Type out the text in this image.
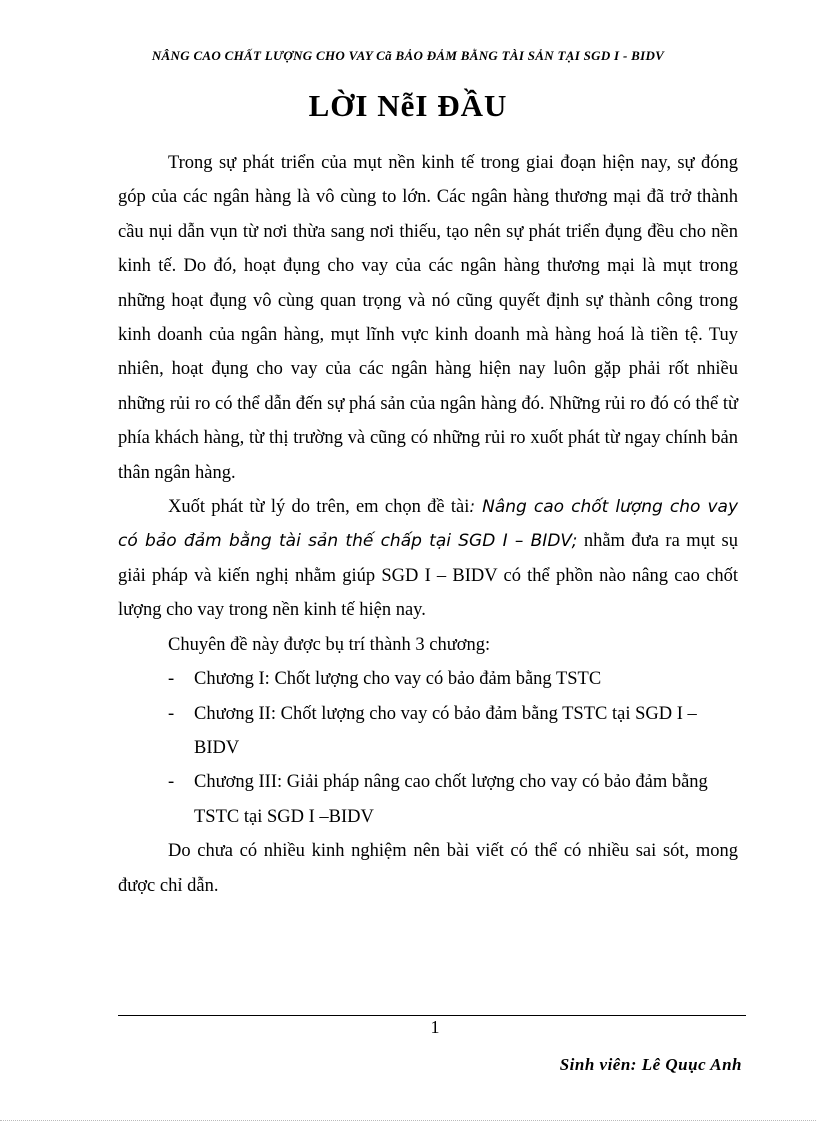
NÂNG CAO CHẤT LƯỢNG CHO VAY Cã BẢO ĐẢM BẰNG TÀI SẢN TẠI SGD I - BIDV
LỜI NễI ĐẦU

Trong sự phát triển của mụt nền kinh tế trong giai đoạn hiện nay, sự đóng góp của các ngân hàng là vô cùng to lớn. Các ngân hàng thương mại đã trở thành cầu nụi dẫn vụn từ nơi thừa sang nơi thiếu, tạo nên sự phát triển đụng đều cho nền kinh tế. Do đó, hoạt đụng cho vay của các ngân hàng thương mại là mụt trong những hoạt đụng vô cùng quan trọng và nó cũng quyết định sự thành công trong kinh doanh của ngân hàng, mụt lĩnh vực kinh doanh mà hàng hoá là tiền tệ. Tuy nhiên, hoạt đụng cho vay của các ngân hàng hiện nay luôn gặp phải rốt nhiều những rủi ro có thể dẫn đến sự phá sản của ngân hàng đó. Những rủi ro đó có thể từ phía khách hàng, từ thị trường và cũng có những rủi ro xuốt phát từ ngay chính bản thân ngân hàng.

Xuốt phát từ lý do trên, em chọn đề tài: Nâng cao chốt lượng cho vay có bảo đảm bằng tài sản thế chấp tại SGD I – BIDV; nhằm đưa ra mụt sụ giải pháp và kiến nghị nhằm giúp SGD I – BIDV có thể phồn nào nâng cao chốt lượng cho vay trong nền kinh tế hiện nay.

Chuyên đề này được bụ trí thành 3 chương:

- Chương I: Chốt lượng cho vay có bảo đảm bằng TSTC
- Chương II: Chốt lượng cho vay có bảo đảm bằng TSTC tại SGD I – BIDV
- Chương III: Giải pháp nâng cao chốt lượng cho vay có bảo đảm bằng TSTC tại SGD I –BIDV

Do chưa có nhiều kinh nghiệm nên bài viết có thể có nhiều sai sót, mong được chỉ dẫn.

1
Sinh viên: Lê Quục Anh
